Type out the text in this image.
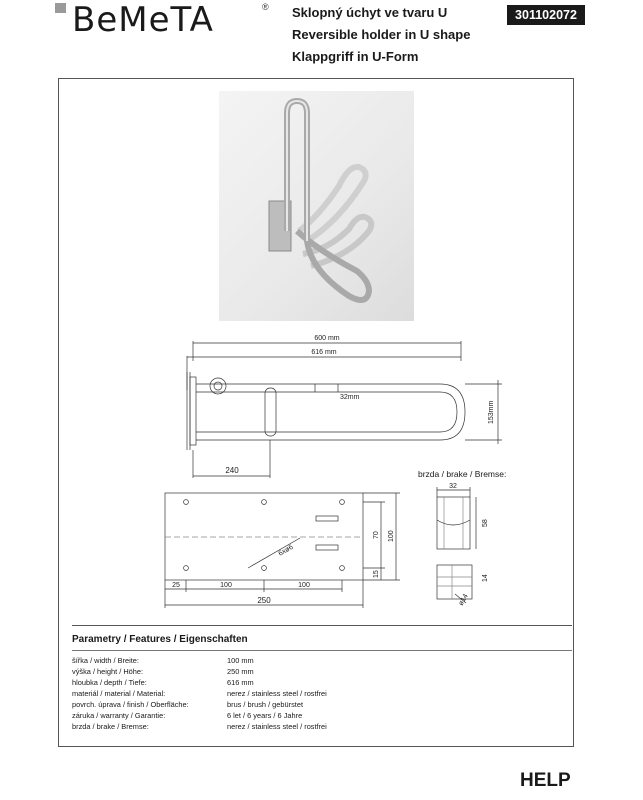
BeMeTA	® Sklopný úchyt ve tvaru U
Reversible holder in U shape
Klappgriff in U-Form
301102072
600 mm
616 mm
32mm
153mm
240
25	100	100
250
70 100
15
6xø6
32
58
14
ø14
brzda / brake / Bremse:
Parametry / Features / Eigenschaften
šířka / width / Breite:	100 mm
výška / height / Höhe:	250 mm
hloubka / depth / Tiefe:	616 mm
materiál / material / Material:	nerez / stainless steel / rostfrei
povrch. úprava / finish / Oberfläche:	brus / brush / gebürstet
záruka / warranty / Garantie:	6 let / 6 years / 6 Jahre
brzda / brake / Bremse:	nerez / stainless steel / rostfrei
HELP
